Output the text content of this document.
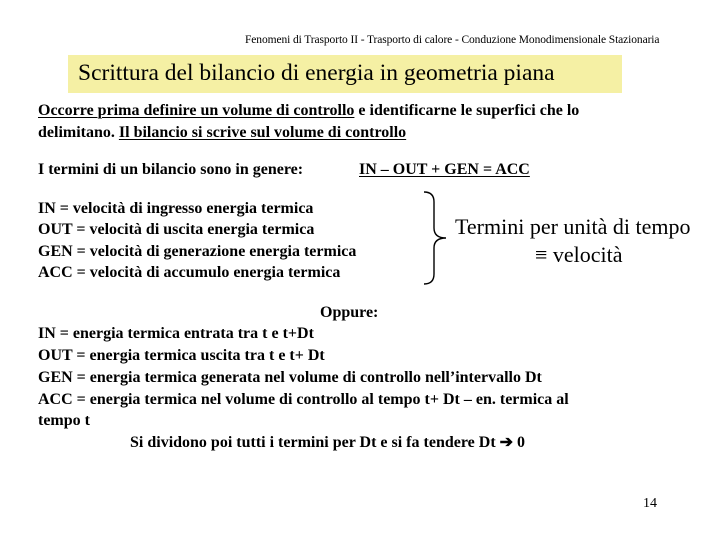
Fenomeni di Trasporto II - Trasporto di calore - Conduzione Monodimensionale Stazionaria
Scrittura del bilancio di energia in geometria piana
Occorre prima definire un volume di controllo e identificarne le superfici che lo
delimitano. Il bilancio si scrive sul volume di controllo
I termini di un bilancio sono in genere:	IN – OUT + GEN = ACC
IN = velocità di ingresso energia termica
OUT = velocità di uscita energia termica
GEN = velocità di generazione energia termica
ACC = velocità di accumulo energia termica
Termini per unità di tempo
≡ velocità
Oppure:
IN = energia termica entrata tra t e t+Dt
OUT = energia termica uscita tra t e t+ Dt
GEN = energia termica generata nel volume di controllo nell’intervallo Dt
ACC = energia termica nel volume di controllo al tempo t+ Dt – en. termica al
tempo t
Si dividono poi tutti i termini per Dt e si fa tendere Dt ➔ 0
14
